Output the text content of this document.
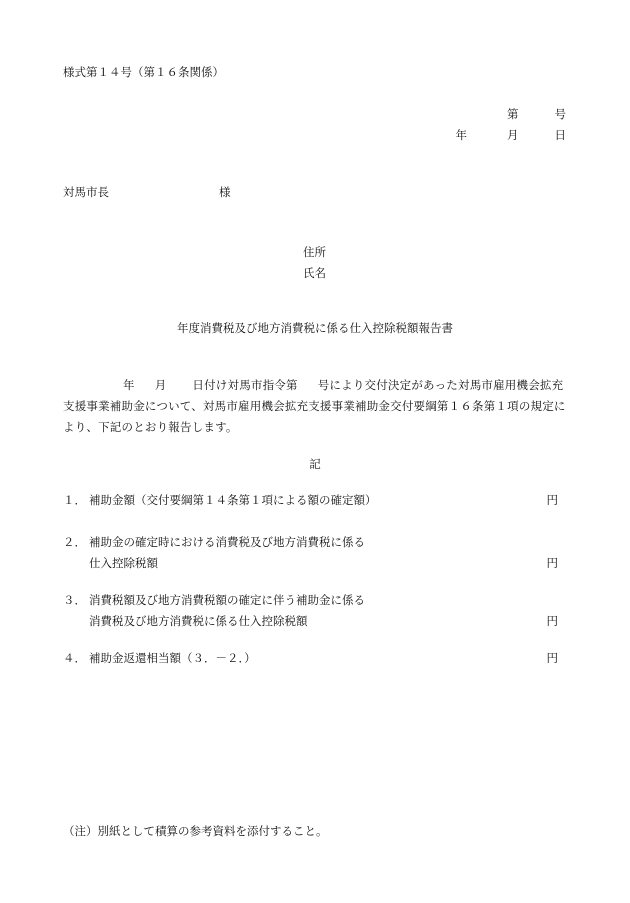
様式第１４号（第１６条関係）
第	号
年	月	日
対馬市長	様
住所
氏名
年度消費税及び地方消費税に係る仕入控除税額報告書
年 月 日付け対馬市指令第 号により交付決定があった対馬市雇用機会拡充支援事業補助金について、対馬市雇用機会拡充支援事業補助金交付要綱第１６条第１項の規定により、下記のとおり報告します。
記
１． 補助金額（交付要綱第１４条第１項による額の確定額）	円
２． 補助金の確定時における消費税及び地方消費税に係る
仕入控除税額	円
３． 消費税額及び地方消費税額の確定に伴う補助金に係る
消費税及び地方消費税に係る仕入控除税額	円
４． 補助金返還相当額（３．－２．）	円
（注）別紙として積算の参考資料を添付すること。
